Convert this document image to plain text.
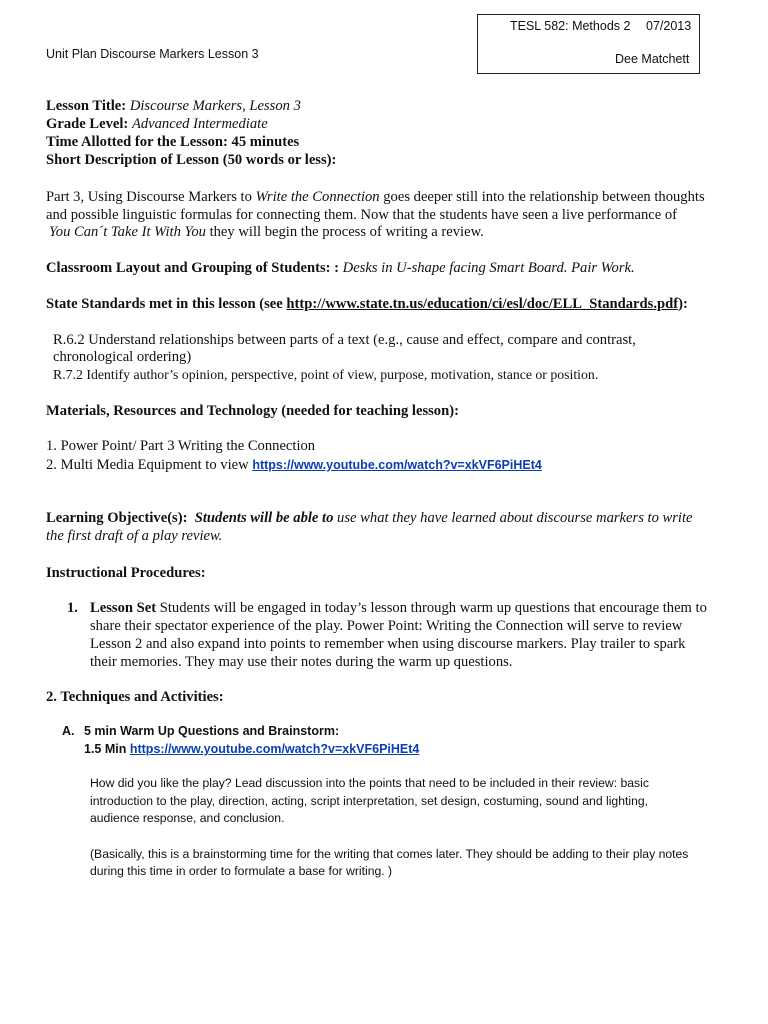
TESL 582: Methods 2 07/2013
Dee Matchett
Unit Plan Discourse Markers Lesson 3
Lesson Title: Discourse Markers, Lesson 3
Grade Level: Advanced Intermediate
Time Allotted for the Lesson: 45 minutes
Short Description of Lesson (50 words or less):
Part 3, Using Discourse Markers to Write the Connection goes deeper still into the relationship between thoughts
and possible linguistic formulas for connecting them. Now that the students have seen a live performance of
You Can´t Take It With You they will begin the process of writing a review.
Classroom Layout and Grouping of Students: : Desks in U-shape facing Smart Board. Pair Work.
State Standards met in this lesson (see http://www.state.tn.us/education/ci/esl/doc/ELL_Standards.pdf):
R.6.2 Understand relationships between parts of a text (e.g., cause and effect, compare and contrast,
chronological ordering)
R.7.2 Identify author’s opinion, perspective, point of view, purpose, motivation, stance or position.
Materials, Resources and Technology (needed for teaching lesson):
1. Power Point/ Part 3 Writing the Connection
2. Multi Media Equipment to view https://www.youtube.com/watch?v=xkVF6PiHEt4
Learning Objective(s): Students will be able to use what they have learned about discourse markers to write
the first draft of a play review.
Instructional Procedures:
1. Lesson Set Students will be engaged in today’s lesson through warm up questions that encourage them to
share their spectator experience of the play. Power Point: Writing the Connection will serve to review
Lesson 2 and also expand into points to remember when using discourse markers. Play trailer to spark
their memories. They may use their notes during the warm up questions.
2. Techniques and Activities:
A. 5 min Warm Up Questions and Brainstorm:
1.5 Min https://www.youtube.com/watch?v=xkVF6PiHEt4
How did you like the play? Lead discussion into the points that need to be included in their review: basic
introduction to the play, direction, acting, script interpretation, set design, costuming, sound and lighting,
audience response, and conclusion.
(Basically, this is a brainstorming time for the writing that comes later. They should be adding to their play notes
during this time in order to formulate a base for writing. )
